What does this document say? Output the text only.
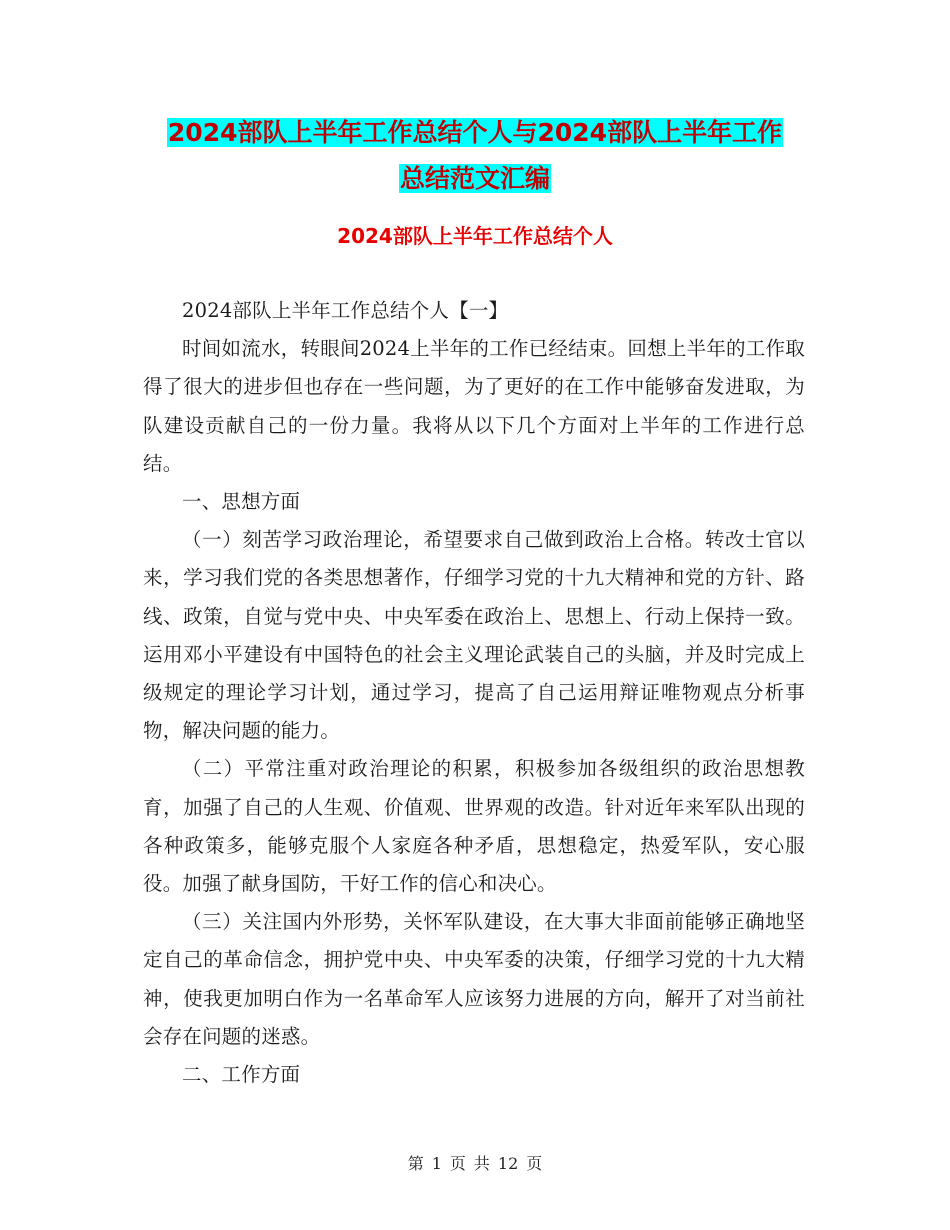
2024部队上半年工作总结个人与2024部队上半年工作
总结范文汇编
2024部队上半年工作总结个人

2024部队上半年工作总结个人【一】

时间如流水，转眼间2024上半年的工作已经结束。回想上半年的工作取得了很大的进步但也存在一些问题，为了更好的在工作中能够奋发进取，为队建设贡献自己的一份力量。我将从以下几个方面对上半年的工作进行总结。

一、思想方面

（一）刻苦学习政治理论，希望要求自己做到政治上合格。转改士官以来，学习我们党的各类思想著作，仔细学习党的十九大精神和党的方针、路线、政策，自觉与党中央、中央军委在政治上、思想上、行动上保持一致。运用邓小平建设有中国特色的社会主义理论武装自己的头脑，并及时完成上级规定的理论学习计划，通过学习，提高了自己运用辩证唯物观点分析事物，解决问题的能力。

（二）平常注重对政治理论的积累，积极参加各级组织的政治思想教育，加强了自己的人生观、价值观、世界观的改造。针对近年来军队出现的各种政策多，能够克服个人家庭各种矛盾，思想稳定，热爱军队，安心服役。加强了献身国防，干好工作的信心和决心。

（三）关注国内外形势，关怀军队建设，在大事大非面前能够正确地坚定自己的革命信念，拥护党中央、中央军委的决策，仔细学习党的十九大精神，使我更加明白作为一名革命军人应该努力进展的方向，解开了对当前社会存在问题的迷惑。

二、工作方面

第 1 页 共 12 页
